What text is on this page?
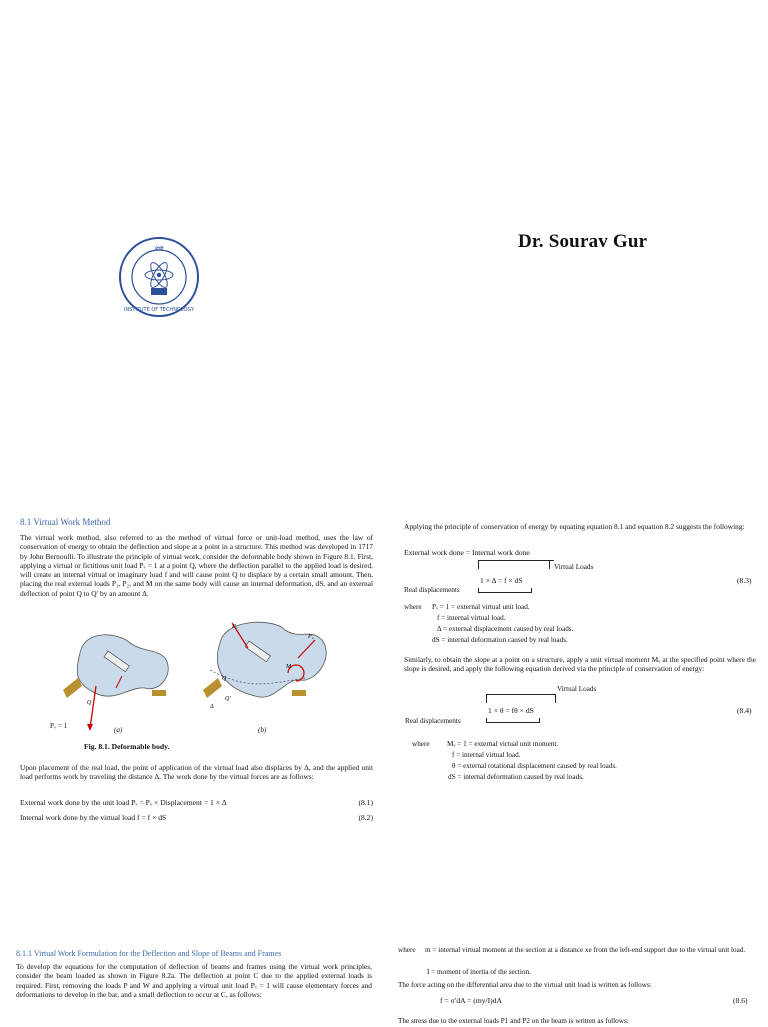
शेषी
INSTITUTE OF TECHNOLOGY
Dr. Sourav Gur
8.1 Virtual Work Method
The virtual work method, also referred to as the method of virtual force or unit-load method, uses the law of conservation of energy to obtain the deflection and slope at a point in a structure. This method was developed in 1717 by John Bernoulli. To illustrate the principle of virtual work, consider the deformable body shown in Figure 8.1. First, applying a virtual or fictitious unit load Pᵥ = 1 at a point Q, where the deflection parallel to the applied load is desired, will create an internal virtual or imaginary load f and will cause point Q to displace by a certain small amount. Then, placing the real external loads P₁, P₂, and M on the same body will cause an internal deformation, dS, and an external deflection of point Q to Q′ by an amount Δ.
Q
Q
Q′
Δ
P₁
P₂
M
Pᵥ = 1	(a)	(b)
Fig. 8.1. Deformable body.
Upon placement of the real load, the point of application of the virtual load also displaces by Δ, and the applied unit load performs work by traveling the distance Δ. The work done by the virtual forces are as follows:
External work done by the unit load Pᵥ = Pᵥ × Displacement = 1 × Δ	(8.1)
Internal work done by the virtual load f = f × dS	(8.2)
Applying the principle of conservation of energy by equating equation 8.1 and equation 8.2 suggests the following:
External work done = Internal work done
Virtual Loads
1 × Δ = f × dS	(8.3)
Real displacements
where Pᵥ = 1 = external virtual unit load.
f = internal virtual load.
Δ = external displacement caused by real loads.
dS = internal deformation caused by real loads.
Similarly, to obtain the slope at a point on a structure, apply a unit virtual moment Mᵥ at the specified point where the slope is desired, and apply the following equation derived via the principle of conservation of energy:
Virtual Loads
1 × θ = fθ × dS	(8.4)
Real displacements
where Mᵥ = 1 = external virtual unit moment.
f = internal virtual load.
θ = external rotational displacement caused by real loads.
dS = internal deformation caused by real loads.
8.1.1 Virtual Work Formulation for the Deflection and Slope of Beams and Frames
To develop the equations for the computation of deflection of beams and frames using the virtual work principles, consider the beam loaded as shown in Figure 8.2a. The deflection at point C due to the applied external loads is required. First, removing the loads P and W and applying a virtual unit load Pᵥ = 1 will cause elementary forces and deformations to develop in the bar, and a small deflection to occur at C, as follows:
where m = internal virtual moment at the section at a distance xe from the left-end support due to the virtual unit load.
I = moment of inertia of the section.
The force acting on the differential area due to the virtual unit load is written as follows:
f = σ′dA = (my/I)dA	(8.6)
The stress due to the external loads P1 and P2 on the beam is written as follows:
